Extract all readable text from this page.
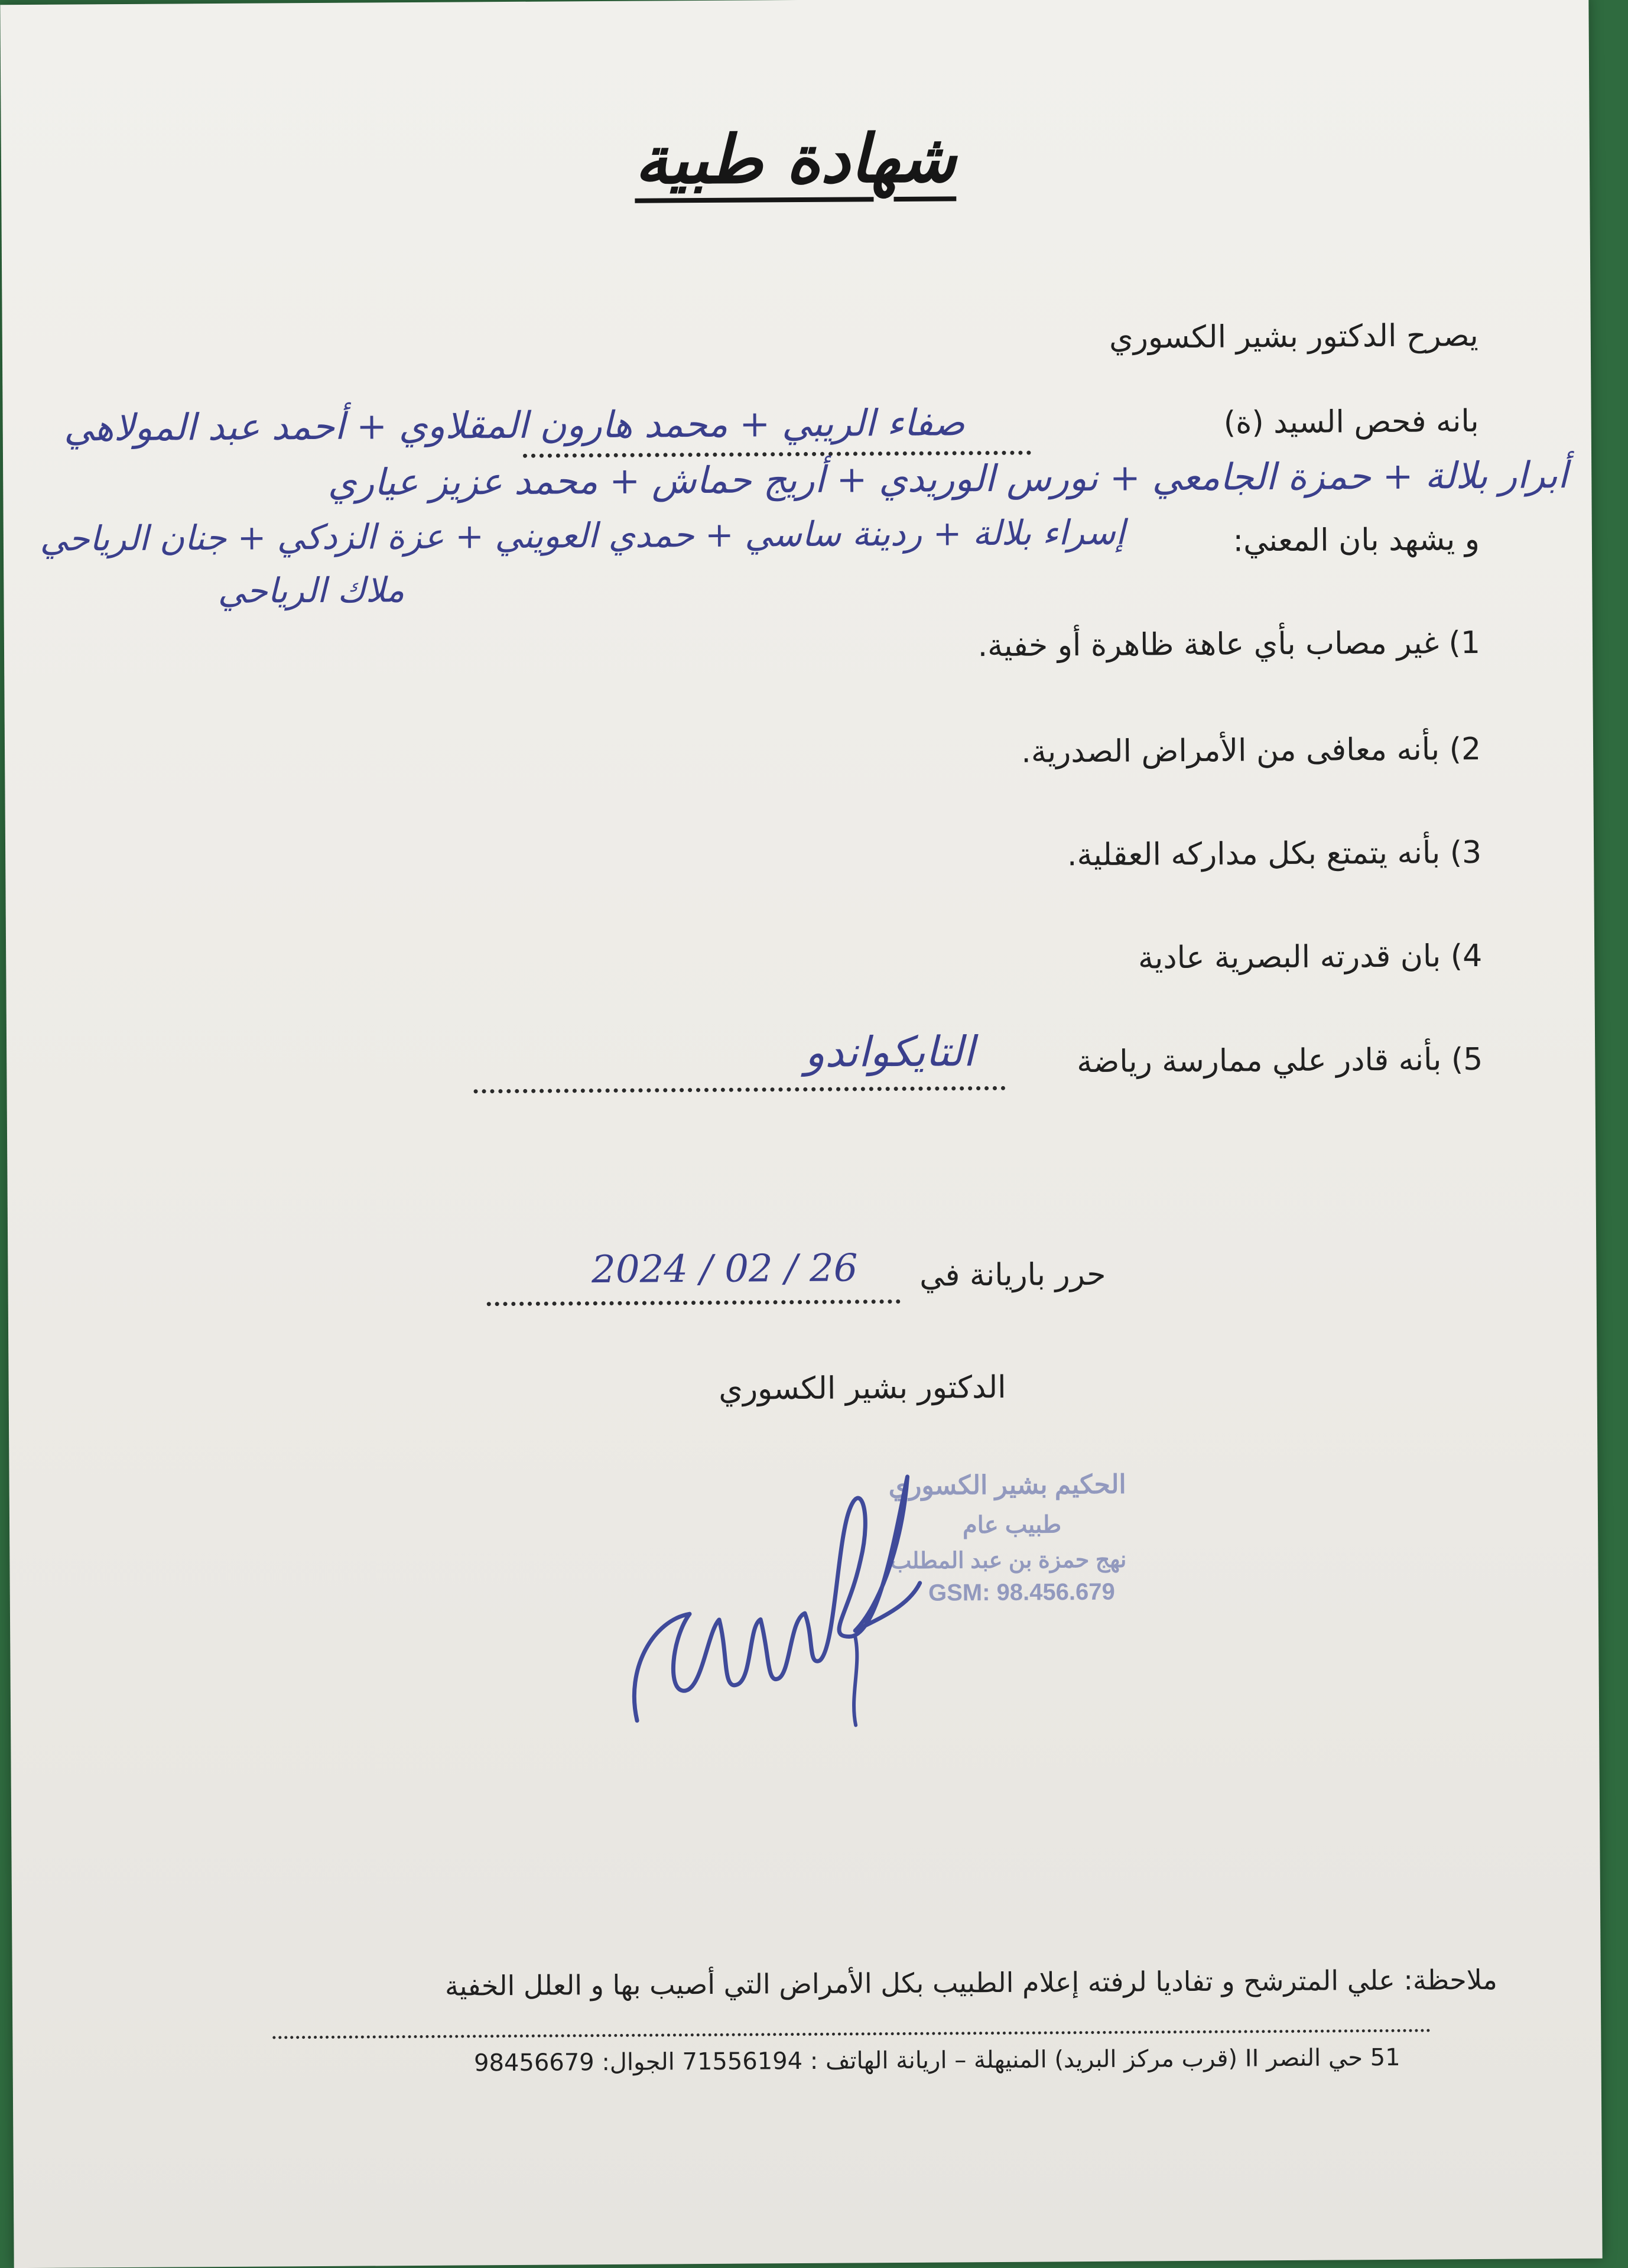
شهادة طبية
يصرح الدكتور بشير الكسوري
بانه فحص السيد (ة)
صفاء الريبي + محمد هارون المقلاوي + أحمد عبد المولاهي
أبرار بلالة + حمزة الجامعي + نورس الوريدي + أريج حماش + محمد عزيز عياري
و يشهد بان المعني:
إسراء بلالة + ردينة ساسي + حمدي العويني + عزة الزدكي + جنان الرياحي
ملاك الرياحي
1) غير مصاب بأي عاهة ظاهرة أو خفية.
2) بأنه معافى من الأمراض الصدرية.
3) بأنه يتمتع بكل مداركه العقلية.
4) بان قدرته البصرية عادية
5) بأنه قادر علي ممارسة رياضة
التايكواندو
حرر باريانة في
2024 / 02 / 26
الدكتور بشير الكسوري
الحكيم بشير الكسوري
طبيب عام
نهج حمزة بن عبد المطلب
GSM: 98.456.679
ملاحظة: علي المترشح و تفاديا لرفته إعلام الطبيب بكل الأمراض التي أصيب بها و العلل الخفية
51 حي النصر II (قرب مركز البريد) المنيهلة – اريانة الهاتف : 71556194 الجوال: 98456679
